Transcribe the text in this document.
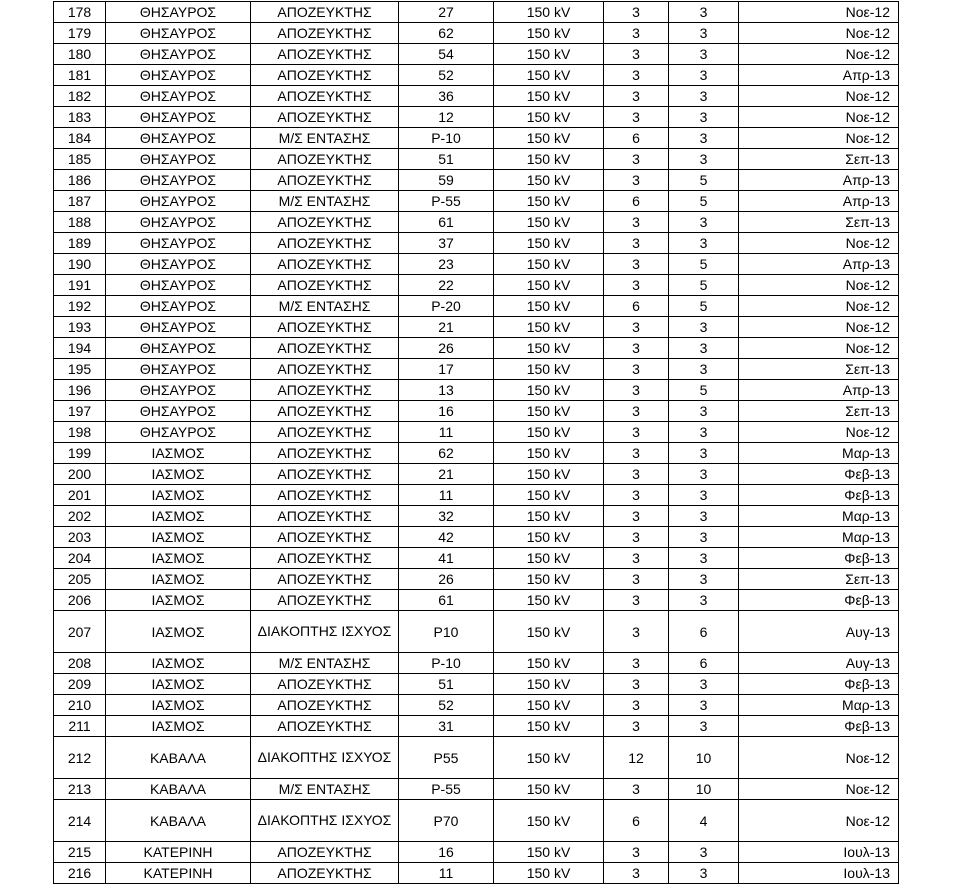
178	ΘΗΣΑΥΡΟΣ	ΑΠΟΖΕΥΚΤΗΣ	27	150 kV	3	3	Νοε-12
179	ΘΗΣΑΥΡΟΣ	ΑΠΟΖΕΥΚΤΗΣ	62	150 kV	3	3	Νοε-12
180	ΘΗΣΑΥΡΟΣ	ΑΠΟΖΕΥΚΤΗΣ	54	150 kV	3	3	Νοε-12
181	ΘΗΣΑΥΡΟΣ	ΑΠΟΖΕΥΚΤΗΣ	52	150 kV	3	3	Απρ-13
182	ΘΗΣΑΥΡΟΣ	ΑΠΟΖΕΥΚΤΗΣ	36	150 kV	3	3	Νοε-12
183	ΘΗΣΑΥΡΟΣ	ΑΠΟΖΕΥΚΤΗΣ	12	150 kV	3	3	Νοε-12
184	ΘΗΣΑΥΡΟΣ	Μ/Σ ΕΝΤΑΣΗΣ	Ρ-10	150 kV	6	3	Νοε-12
185	ΘΗΣΑΥΡΟΣ	ΑΠΟΖΕΥΚΤΗΣ	51	150 kV	3	3	Σεπ-13
186	ΘΗΣΑΥΡΟΣ	ΑΠΟΖΕΥΚΤΗΣ	59	150 kV	3	5	Απρ-13
187	ΘΗΣΑΥΡΟΣ	Μ/Σ ΕΝΤΑΣΗΣ	Ρ-55	150 kV	6	5	Απρ-13
188	ΘΗΣΑΥΡΟΣ	ΑΠΟΖΕΥΚΤΗΣ	61	150 kV	3	3	Σεπ-13
189	ΘΗΣΑΥΡΟΣ	ΑΠΟΖΕΥΚΤΗΣ	37	150 kV	3	3	Νοε-12
190	ΘΗΣΑΥΡΟΣ	ΑΠΟΖΕΥΚΤΗΣ	23	150 kV	3	5	Απρ-13
191	ΘΗΣΑΥΡΟΣ	ΑΠΟΖΕΥΚΤΗΣ	22	150 kV	3	5	Νοε-12
192	ΘΗΣΑΥΡΟΣ	Μ/Σ ΕΝΤΑΣΗΣ	Ρ-20	150 kV	6	5	Νοε-12
193	ΘΗΣΑΥΡΟΣ	ΑΠΟΖΕΥΚΤΗΣ	21	150 kV	3	3	Νοε-12
194	ΘΗΣΑΥΡΟΣ	ΑΠΟΖΕΥΚΤΗΣ	26	150 kV	3	3	Νοε-12
195	ΘΗΣΑΥΡΟΣ	ΑΠΟΖΕΥΚΤΗΣ	17	150 kV	3	3	Σεπ-13
196	ΘΗΣΑΥΡΟΣ	ΑΠΟΖΕΥΚΤΗΣ	13	150 kV	3	5	Απρ-13
197	ΘΗΣΑΥΡΟΣ	ΑΠΟΖΕΥΚΤΗΣ	16	150 kV	3	3	Σεπ-13
198	ΘΗΣΑΥΡΟΣ	ΑΠΟΖΕΥΚΤΗΣ	11	150 kV	3	3	Νοε-12
199	ΙΑΣΜΟΣ	ΑΠΟΖΕΥΚΤΗΣ	62	150 kV	3	3	Μαρ-13
200	ΙΑΣΜΟΣ	ΑΠΟΖΕΥΚΤΗΣ	21	150 kV	3	3	Φεβ-13
201	ΙΑΣΜΟΣ	ΑΠΟΖΕΥΚΤΗΣ	11	150 kV	3	3	Φεβ-13
202	ΙΑΣΜΟΣ	ΑΠΟΖΕΥΚΤΗΣ	32	150 kV	3	3	Μαρ-13
203	ΙΑΣΜΟΣ	ΑΠΟΖΕΥΚΤΗΣ	42	150 kV	3	3	Μαρ-13
204	ΙΑΣΜΟΣ	ΑΠΟΖΕΥΚΤΗΣ	41	150 kV	3	3	Φεβ-13
205	ΙΑΣΜΟΣ	ΑΠΟΖΕΥΚΤΗΣ	26	150 kV	3	3	Σεπ-13
206	ΙΑΣΜΟΣ	ΑΠΟΖΕΥΚΤΗΣ	61	150 kV	3	3	Φεβ-13
207	ΙΑΣΜΟΣ	ΔΙΑΚΟΠΤΗΣ ΙΣΧΥΟΣ	Ρ10	150 kV	3	6	Αυγ-13
208	ΙΑΣΜΟΣ	Μ/Σ ΕΝΤΑΣΗΣ	Ρ-10	150 kV	3	6	Αυγ-13
209	ΙΑΣΜΟΣ	ΑΠΟΖΕΥΚΤΗΣ	51	150 kV	3	3	Φεβ-13
210	ΙΑΣΜΟΣ	ΑΠΟΖΕΥΚΤΗΣ	52	150 kV	3	3	Μαρ-13
211	ΙΑΣΜΟΣ	ΑΠΟΖΕΥΚΤΗΣ	31	150 kV	3	3	Φεβ-13
212	ΚΑΒΑΛΑ	ΔΙΑΚΟΠΤΗΣ ΙΣΧΥΟΣ	Ρ55	150 kV	12	10	Νοε-12
213	ΚΑΒΑΛΑ	Μ/Σ ΕΝΤΑΣΗΣ	Ρ-55	150 kV	3	10	Νοε-12
214	ΚΑΒΑΛΑ	ΔΙΑΚΟΠΤΗΣ ΙΣΧΥΟΣ	Ρ70	150 kV	6	4	Νοε-12
215	ΚΑΤΕΡΙΝΗ	ΑΠΟΖΕΥΚΤΗΣ	16	150 kV	3	3	Ιουλ-13
216	ΚΑΤΕΡΙΝΗ	ΑΠΟΖΕΥΚΤΗΣ	11	150 kV	3	3	Ιουλ-13
